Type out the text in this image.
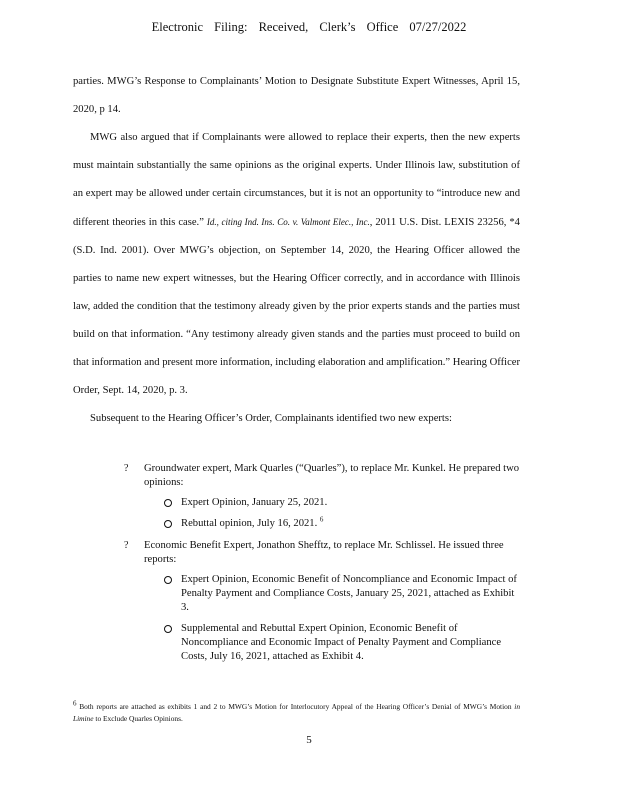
Electronic Filing: Received, Clerk’s Office 07/27/2022

parties. MWG’s Response to Complainants’ Motion to Designate Substitute Expert Witnesses, April 15, 2020, p 14.

MWG also argued that if Complainants were allowed to replace their experts, then the new experts must maintain substantially the same opinions as the original experts. Under Illinois law, substitution of an expert may be allowed under certain circumstances, but it is not an opportunity to “introduce new and different theories in this case.” Id., citing Ind. Ins. Co. v. Valmont Elec., Inc., 2011 U.S. Dist. LEXIS 23256, *4 (S.D. Ind. 2001). Over MWG’s objection, on September 14, 2020, the Hearing Officer allowed the parties to name new expert witnesses, but the Hearing Officer correctly, and in accordance with Illinois law, added the condition that the testimony already given by the prior experts stands and the parties must build on that information. “Any testimony already given stands and the parties must proceed to build on that information and present more information, including elaboration and amplification.” Hearing Officer Order, Sept. 14, 2020, p. 3.

Subsequent to the Hearing Officer’s Order, Complainants identified two new experts:

? Groundwater expert, Mark Quarles (“Quarles”), to replace Mr. Kunkel. He prepared two opinions:
Expert Opinion, January 25, 2021.
Rebuttal opinion, July 16, 2021. $^6$
? Economic Benefit Expert, Jonathon Shefftz, to replace Mr. Schlissel. He issued three reports:
Expert Opinion, Economic Benefit of Noncompliance and Economic Impact of Penalty Payment and Compliance Costs, January 25, 2021, attached as Exhibit 3.
Supplemental and Rebuttal Expert Opinion, Economic Benefit of Noncompliance and Economic Impact of Penalty Payment and Compliance Costs, July 16, 2021, attached as Exhibit 4.
6 Both reports are attached as exhibits 1 and 2 to MWG’s Motion for Interlocutory Appeal of the Hearing Officer’s Denial of MWG’s Motion in Limine to Exclude Quarles Opinions.
5
